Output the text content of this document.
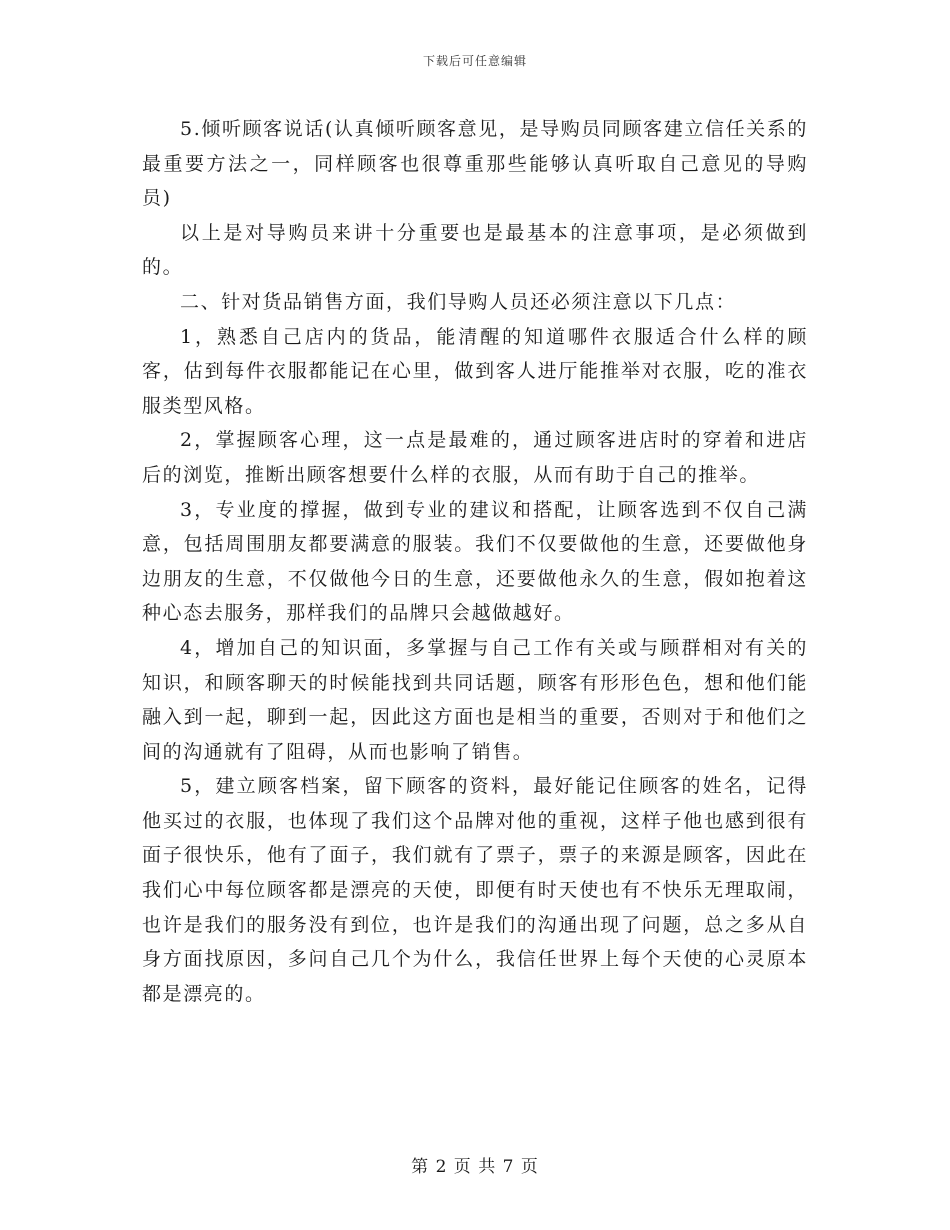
下载后可任意编辑

5.倾听顾客说话(认真倾听顾客意见，是导购员同顾客建立信任关系的最重要方法之一，同样顾客也很尊重那些能够认真听取自己意见的导购员)

以上是对导购员来讲十分重要也是最基本的注意事项，是必须做到的。

二、针对货品销售方面，我们导购人员还必须注意以下几点：

1，熟悉自己店内的货品，能清醒的知道哪件衣服适合什么样的顾客，估到每件衣服都能记在心里，做到客人进厅能推举对衣服，吃的准衣服类型风格。

2，掌握顾客心理，这一点是最难的，通过顾客进店时的穿着和进店后的浏览，推断出顾客想要什么样的衣服，从而有助于自己的推举。

3，专业度的撑握，做到专业的建议和搭配，让顾客选到不仅自己满意，包括周围朋友都要满意的服装。我们不仅要做他的生意，还要做他身边朋友的生意，不仅做他今日的生意，还要做他永久的生意，假如抱着这种心态去服务，那样我们的品牌只会越做越好。

4，增加自己的知识面，多掌握与自己工作有关或与顾群相对有关的知识，和顾客聊天的时候能找到共同话题，顾客有形形色色，想和他们能融入到一起，聊到一起，因此这方面也是相当的重要，否则对于和他们之间的沟通就有了阻碍，从而也影响了销售。

5，建立顾客档案，留下顾客的资料，最好能记住顾客的姓名，记得他买过的衣服，也体现了我们这个品牌对他的重视，这样子他也感到很有面子很快乐，他有了面子，我们就有了票子，票子的来源是顾客，因此在我们心中每位顾客都是漂亮的天使，即便有时天使也有不快乐无理取闹，也许是我们的服务没有到位，也许是我们的沟通出现了问题，总之多从自身方面找原因，多问自己几个为什么，我信任世界上每个天使的心灵原本都是漂亮的。

第 2 页 共 7 页
